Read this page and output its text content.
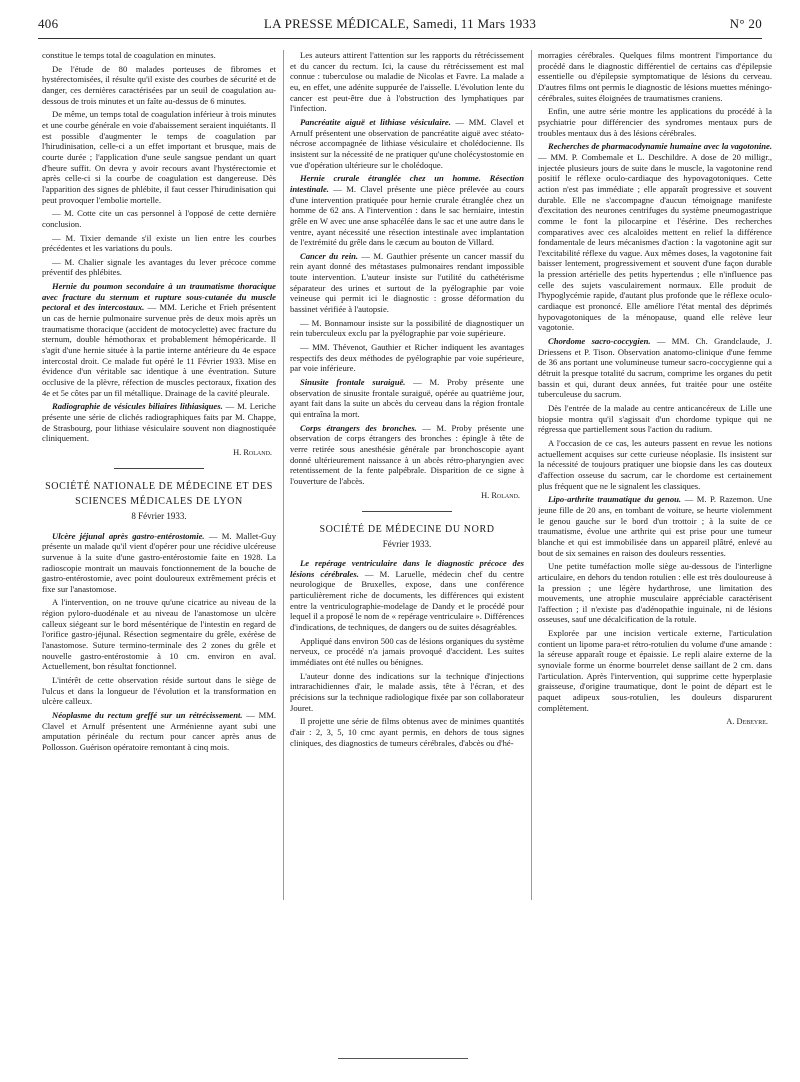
406	LA PRESSE MÉDICALE, Samedi, 11 Mars 1933	N° 20

constitue le temps total de coagulation en minutes.

De l'étude de 80 malades porteuses de fibromes et hystérectomisées, il résulte qu'il existe des courbes de sécurité et de danger, ces dernières caractérisées par un seuil de coagulation au-dessous de trois minutes et un faîte au-dessus de 6 minutes.

De même, un temps total de coagulation inférieur à trois minutes et une courbe générale en voie d'abaissement seraient inquiétants. Il est possible d'augmenter le temps de coagulation par l'hirudinisation, celle-ci a un effet important et brusque, mais de courte durée ; l'application d'une seule sangsue pendant un quart d'heure suffit. On devra y avoir recours avant l'hystérectomie et après celle-ci si la courbe de coagulation est dangereuse. Dès l'apparition des signes de phlébite, il faut cesser l'hirudinisation qui peut provoquer l'embolie mortelle.

— M. Cotte cite un cas personnel à l'opposé de cette dernière conclusion.

— M. Tixier demande s'il existe un lien entre les courbes précédentes et les variations du pouls.

— M. Chalier signale les avantages du lever précoce comme préventif des phlébites.

Hernie du poumon secondaire à un traumatisme thoracique avec fracture du sternum et rupture sous-cutanée du muscle pectoral et des intercostaux. — MM. Leriche et Frieh présentent un cas de hernie pulmonaire survenue près de deux mois après un traumatisme thoracique (accident de motocyclette) avec fracture du sternum, double hémothorax et probablement hémopéricarde. Il s'agit d'une hernie située à la partie interne antérieure du 4e espace intercostal droit. Ce malade fut opéré le 11 Février 1933. Mise en évidence d'un véritable sac identique à une éventration. Suture occlusive de la plèvre, réfection de muscles pectoraux, fixation des 4e et 5e côtes par un fil métallique. Drainage de la cavité pleurale.

Radiographie de vésicules biliaires lithiasiques. — M. Leriche présente une série de clichés radiographiques faits par M. Chappe, de Strasbourg, pour lithiase vésiculaire souvent non diagnostiquée cliniquement.

H. Roland.
SOCIÉTÉ NATIONALE DE MÉDECINE ET DES SCIENCES MÉDICALES DE LYON
8 Février 1933.

Ulcère jéjunal après gastro-entérostomie. — M. Mallet-Guy présente un malade qu'il vient d'opérer pour une récidive ulcéreuse survenue à la suite d'une gastro-entérostomie faite en 1928. La radioscopie montrait un mauvais fonctionnement de la bouche de gastro-entérostomie, avec point douloureux extrêmement précis et fixe sur l'anastomose.

A l'intervention, on ne trouve qu'une cicatrice au niveau de la région pyloro-duodénale et au niveau de l'anastomose un ulcère calleux siégeant sur le bord mésentérique de l'intestin en regard de l'orifice gastro-jéjunal. Résection segmentaire du grêle, exérèse de l'anastomose. Suture termino-terminale des 2 zones du grêle et nouvelle gastro-entérostomie à 10 cm. environ en aval. Actuellement, bon résultat fonctionnel.

L'intérêt de cette observation réside surtout dans le siège de l'ulcus et dans la longueur de l'évolution et la transformation en ulcère calleux.

Néoplasme du rectum greffé sur un rétrécissement. — MM. Clavel et Arnulf présentent une Arménienne ayant subi une amputation périnéale du rectum pour cancer après anus de Pollosson. Guérison opératoire remontant à cinq mois.

Les auteurs attirent l'attention sur les rapports du rétrécissement et du cancer du rectum. Ici, la cause du rétrécissement est mal connue : tuberculose ou maladie de Nicolas et Favre. La malade a eu, en effet, une adénite suppurée de l'aisselle. L'évolution lente du cancer est peut-être due à l'obstruction des lymphatiques par l'infection.

Pancréatite aiguë et lithiase vésiculaire. — MM. Clavel et Arnulf présentent une observation de pancréatite aiguë avec stéato-nécrose accompagnée de lithiase vésiculaire et cholédocienne. Ils insistent sur la nécessité de ne pratiquer qu'une cholécystostomie en vue d'opération ultérieure sur le cholédoque.

Hernie crurale étranglée chez un homme. Résection intestinale. — M. Clavel présente une pièce prélevée au cours d'une intervention pratiquée pour hernie crurale étranglée chez un homme de 62 ans. A l'intervention : dans le sac herniaire, intestin grêle en W avec une anse sphacélée dans le sac et une autre dans le ventre, ayant nécessité une résection intestinale avec implantation de l'extrémité du grêle dans le cæcum au bouton de Villard.

Cancer du rein. — M. Gauthier présente un cancer massif du rein ayant donné des métastases pulmonaires rendant impossible toute intervention. L'auteur insiste sur l'utilité du cathétérisme séparateur des urines et surtout de la pyélographie par voie veineuse qui permit ici le diagnostic : grosse déformation du bassinet vérifiée à l'autopsie.

— M. Bonnamour insiste sur la possibilité de diagnostiquer un rein tuberculeux exclu par la pyélographie par voie supérieure.

— MM. Thévenot, Gauthier et Richer indiquent les avantages respectifs des deux méthodes de pyélographie par voie supérieure, par voie inférieure.

Sinusite frontale suraiguë. — M. Proby présente une observation de sinusite frontale suraiguë, opérée au quatrième jour, ayant fait dans la suite un abcès du cerveau dans la région frontale qui entraîna la mort.

Corps étrangers des bronches. — M. Proby présente une observation de corps étrangers des bronches : épingle à tête de verre retirée sous anesthésie générale par bronchoscopie ayant donné ultérieurement naissance à un abcès rétro-pharyngien avec retentissement de la fente palpébrale. Disparition de ce signe à l'ouverture de l'abcès.

H. Roland.
SOCIÉTÉ DE MÉDECINE DU NORD
Février 1933.

Le repérage ventriculaire dans le diagnostic précoce des lésions cérébrales. — M. Laruelle, médecin chef du centre neurologique de Bruxelles, expose, dans une conférence particulièrement riche de documents, les différences qui existent entre la ventriculographie-modelage de Dandy et le procédé pour lequel il a proposé le nom de « repérage ventriculaire ». Différences d'indications, de techniques, de dangers ou de suites désagréables.

Appliqué dans environ 500 cas de lésions organiques du système nerveux, ce procédé n'a jamais provoqué d'accident. Les suites immédiates ont été nulles ou bénignes.

L'auteur donne des indications sur la technique d'injections intrarachidiennes d'air, le malade assis, tête à l'écran, et des précisions sur la technique radiologique fixée par son collaborateur Jouret.

Il projette une série de films obtenus avec de minimes quantités d'air : 2, 3, 5, 10 cmc ayant permis, en dehors de tous signes cliniques, des diagnostics de tumeurs cérébrales, d'abcès ou d'hé-

morragies cérébrales. Quelques films montrent l'importance du procédé dans le diagnostic différentiel de certains cas d'épilepsie essentielle ou d'épilepsie symptomatique de lésions du cerveau. D'autres films ont permis le diagnostic de lésions muettes méningo-cérébrales, suites éloignées de traumatismes craniens.

Enfin, une autre série montre les applications du procédé à la psychiatrie pour différencier des syndromes mentaux purs de troubles mentaux dus à des lésions cérébrales.

Recherches de pharmacodynamie humaine avec la vagotonine. — MM. P. Combemale et L. Deschildre. A dose de 20 milligr., injectée plusieurs jours de suite dans le muscle, la vagotonine rend positif le réflexe oculo-cardiaque des hypovagotoniques. Cette action n'est pas immédiate ; elle apparaît progressive et souvent durable. Elle ne s'accompagne d'aucun témoignage manifeste d'excitation des neurones centrifuges du système pneumogastrique comme le font la pilocarpine et l'ésérine. Des recherches comparatives avec ces alcaloïdes mettent en relief la différence fondamentale de leurs mécanismes d'action : la vagotonine agit sur l'excitabilité réflexe du vague. Aux mêmes doses, la vagotonine fait baisser lentement, progressivement et souvent d'une façon durable la pression artérielle des petits hypertendus ; elle n'influence pas celle des sujets vasculairement normaux. Elle produit de l'hypoglycémie rapide, d'autant plus profonde que le réflexe oculo-cardiaque est prononcé. Elle améliore l'état mental des déprimés hypovagotoniques de la ménopause, quand elle relève leur vagotonie.

Chordome sacro-coccygien. — MM. Ch. Grandclaude, J. Driessens et P. Tison. Observation anatomo-clinique d'une femme de 36 ans portant une volumineuse tumeur sacro-coccygienne qui a détruit la presque totalité du sacrum, comprime les organes du petit bassin et qui, durant deux années, fut traitée pour une ostéite tuberculeuse du sacrum.

Dès l'entrée de la malade au centre anticancéreux de Lille une biopsie montra qu'il s'agissait d'un chordome typique qui ne régressa que partiellement sous l'action du radium.

A l'occasion de ce cas, les auteurs passent en revue les notions actuellement acquises sur cette curieuse néoplasie. Ils insistent sur la nécessité de toujours pratiquer une biopsie dans les cas douteux d'affection osseuse du sacrum, car le chordome est certainement plus fréquent que ne le signalent les classiques.

Lipo-arthrite traumatique du genou. — M. P. Razemon. Une jeune fille de 20 ans, en tombant de voiture, se heurte violemment le genou gauche sur le bord d'un trottoir ; à la suite de ce traumatisme, évolue une arthrite qui est prise pour une tumeur blanche et qui est immobilisée dans un appareil plâtré, enlevé au bout de six semaines en raison des douleurs ressenties.

Une petite tuméfaction molle siège au-dessous de l'interligne articulaire, en dehors du tendon rotulien : elle est très douloureuse à la pression ; une légère hydarthrose, une limitation des mouvements, une atrophie musculaire appréciable caractérisent l'affection ; il n'existe pas d'adénopathie inguinale, ni de lésions osseuses, sauf une décalcification de la rotule.

Explorée par une incision verticale externe, l'articulation contient un lipome para-et rétro-rotulien du volume d'une amande : la séreuse apparaît rouge et épaissie. Le repli alaire externe de la synoviale forme un énorme bourrelet dense saillant de 2 cm. dans l'articulation. Après l'intervention, qui supprime cette hyperplasie graisseuse, d'origine traumatique, dont le point de départ est le paquet adipeux sous-rotulien, les douleurs disparurent complètement.

A. Debeyre.
